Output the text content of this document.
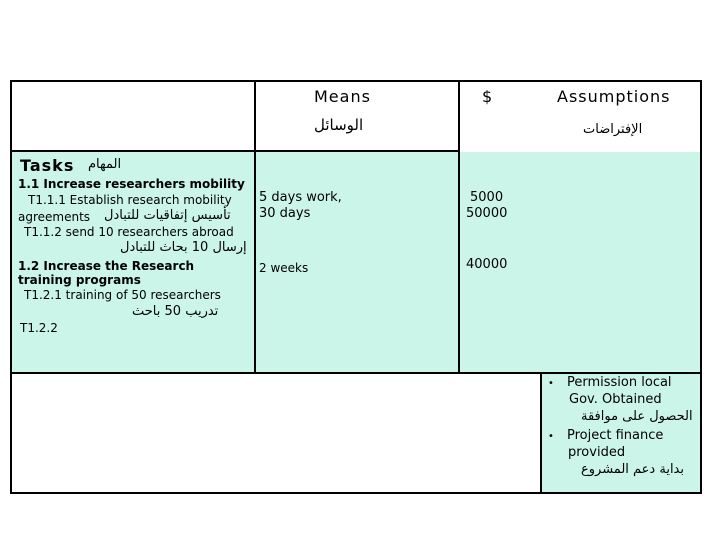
Means
الوسائل
$	Assumptions
الإفتراضات
Tasks المهام
1.1 Increase researchers mobility
T1.1.1 Establish research mobility
agreements تأسيس إتفاقيات للتبادل
T1.1.2 send 10 researchers abroad
إرسال 10 بحاث للتبادل
1.2 Increase the Research
training programs
T1.2.1 training of 50 researchers
تدريب 50 باحث
T1.2.2
5 days work,
30 days
2 weeks
5000
50000
40000
• Permission local
Gov. Obtained
الحصول على موافقة
• Project finance
provided
بداية دعم المشروع
